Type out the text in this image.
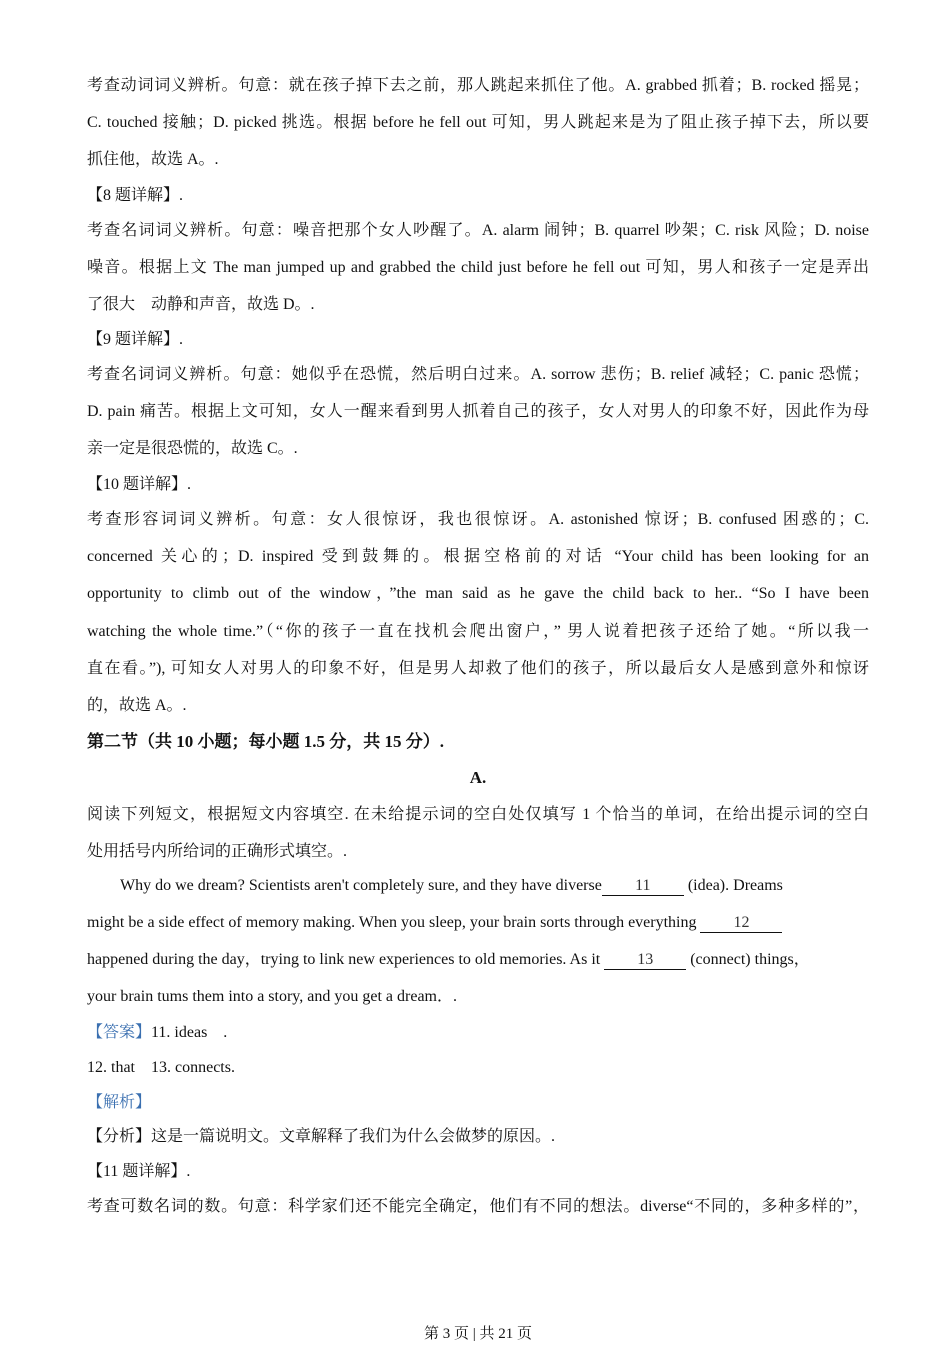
考查动词词义辨析。句意：就在孩子掉下去之前，那人跳起来抓住了他。A. grabbed 抓着；B. rocked 摇晃；
C. touched 接触；D. picked 挑选。根据 before he fell out 可知，男人跳起来是为了阻止孩子掉下去，所以要
抓住他，故选 A。.
【8 题详解】.
考查名词词义辨析。句意：噪音把那个女人吵醒了。A. alarm 闹钟；B. quarrel 吵架；C. risk 风险；D. noise
噪音。根据上文 The man jumped up and grabbed the child just before he fell out 可知，男人和孩子一定是弄出
了很大　动静和声音，故选 D。.
【9 题详解】.
考查名词词义辨析。句意：她似乎在恐慌，然后明白过来。A. sorrow 悲伤；B. relief 减轻；C. panic 恐慌；
D. pain 痛苦。根据上文可知，女人一醒来看到男人抓着自己的孩子，女人对男人的印象不好，因此作为母
亲一定是很恐慌的，故选 C。.
【10 题详解】.
考查形容词词义辨析。句意：女人很惊讶，我也很惊讶。A. astonished 惊讶；B. confused 困惑的；C.
concerned 关心的；D. inspired 受到鼓舞的。根据空格前的对话 “Your child has been looking for an
opportunity to climb out of the window，”the man said as he gave the child back to her.. “So I have been
watching the whole time.”（“你的孩子一直在找机会爬出窗户，” 男人说着把孩子还给了她。“所以我一
直在看。”), 可知女人对男人的印象不好，但是男人却救了他们的孩子，所以最后女人是感到意外和惊讶
的，故选 A。.
第二节（共 10 小题；每小题 1.5 分，共 15 分）.
A.
阅读下列短文，根据短文内容填空. 在未给提示词的空白处仅填写 1 个恰当的单词，在给出提示词的空白
处用括号内所给词的正确形式填空。.
Why do we dream? Scientists aren't completely sure, and they have diverse 11 (idea). Dreams
might be a side effect of memory making. When you sleep, your brain sorts through everything 12
happened during the day，trying to link new experiences to old memories. As it 13 (connect) things，
your brain tums them into a story, and you get a dream．.
【答案】11. ideas　.
12. that　13. connects.
【解析】
【分析】这是一篇说明文。文章解释了我们为什么会做梦的原因。.
【11 题详解】.
考查可数名词的数。句意：科学家们还不能完全确定，他们有不同的想法。diverse“不同的，多种多样的”，
第 3 页 | 共 21 页
